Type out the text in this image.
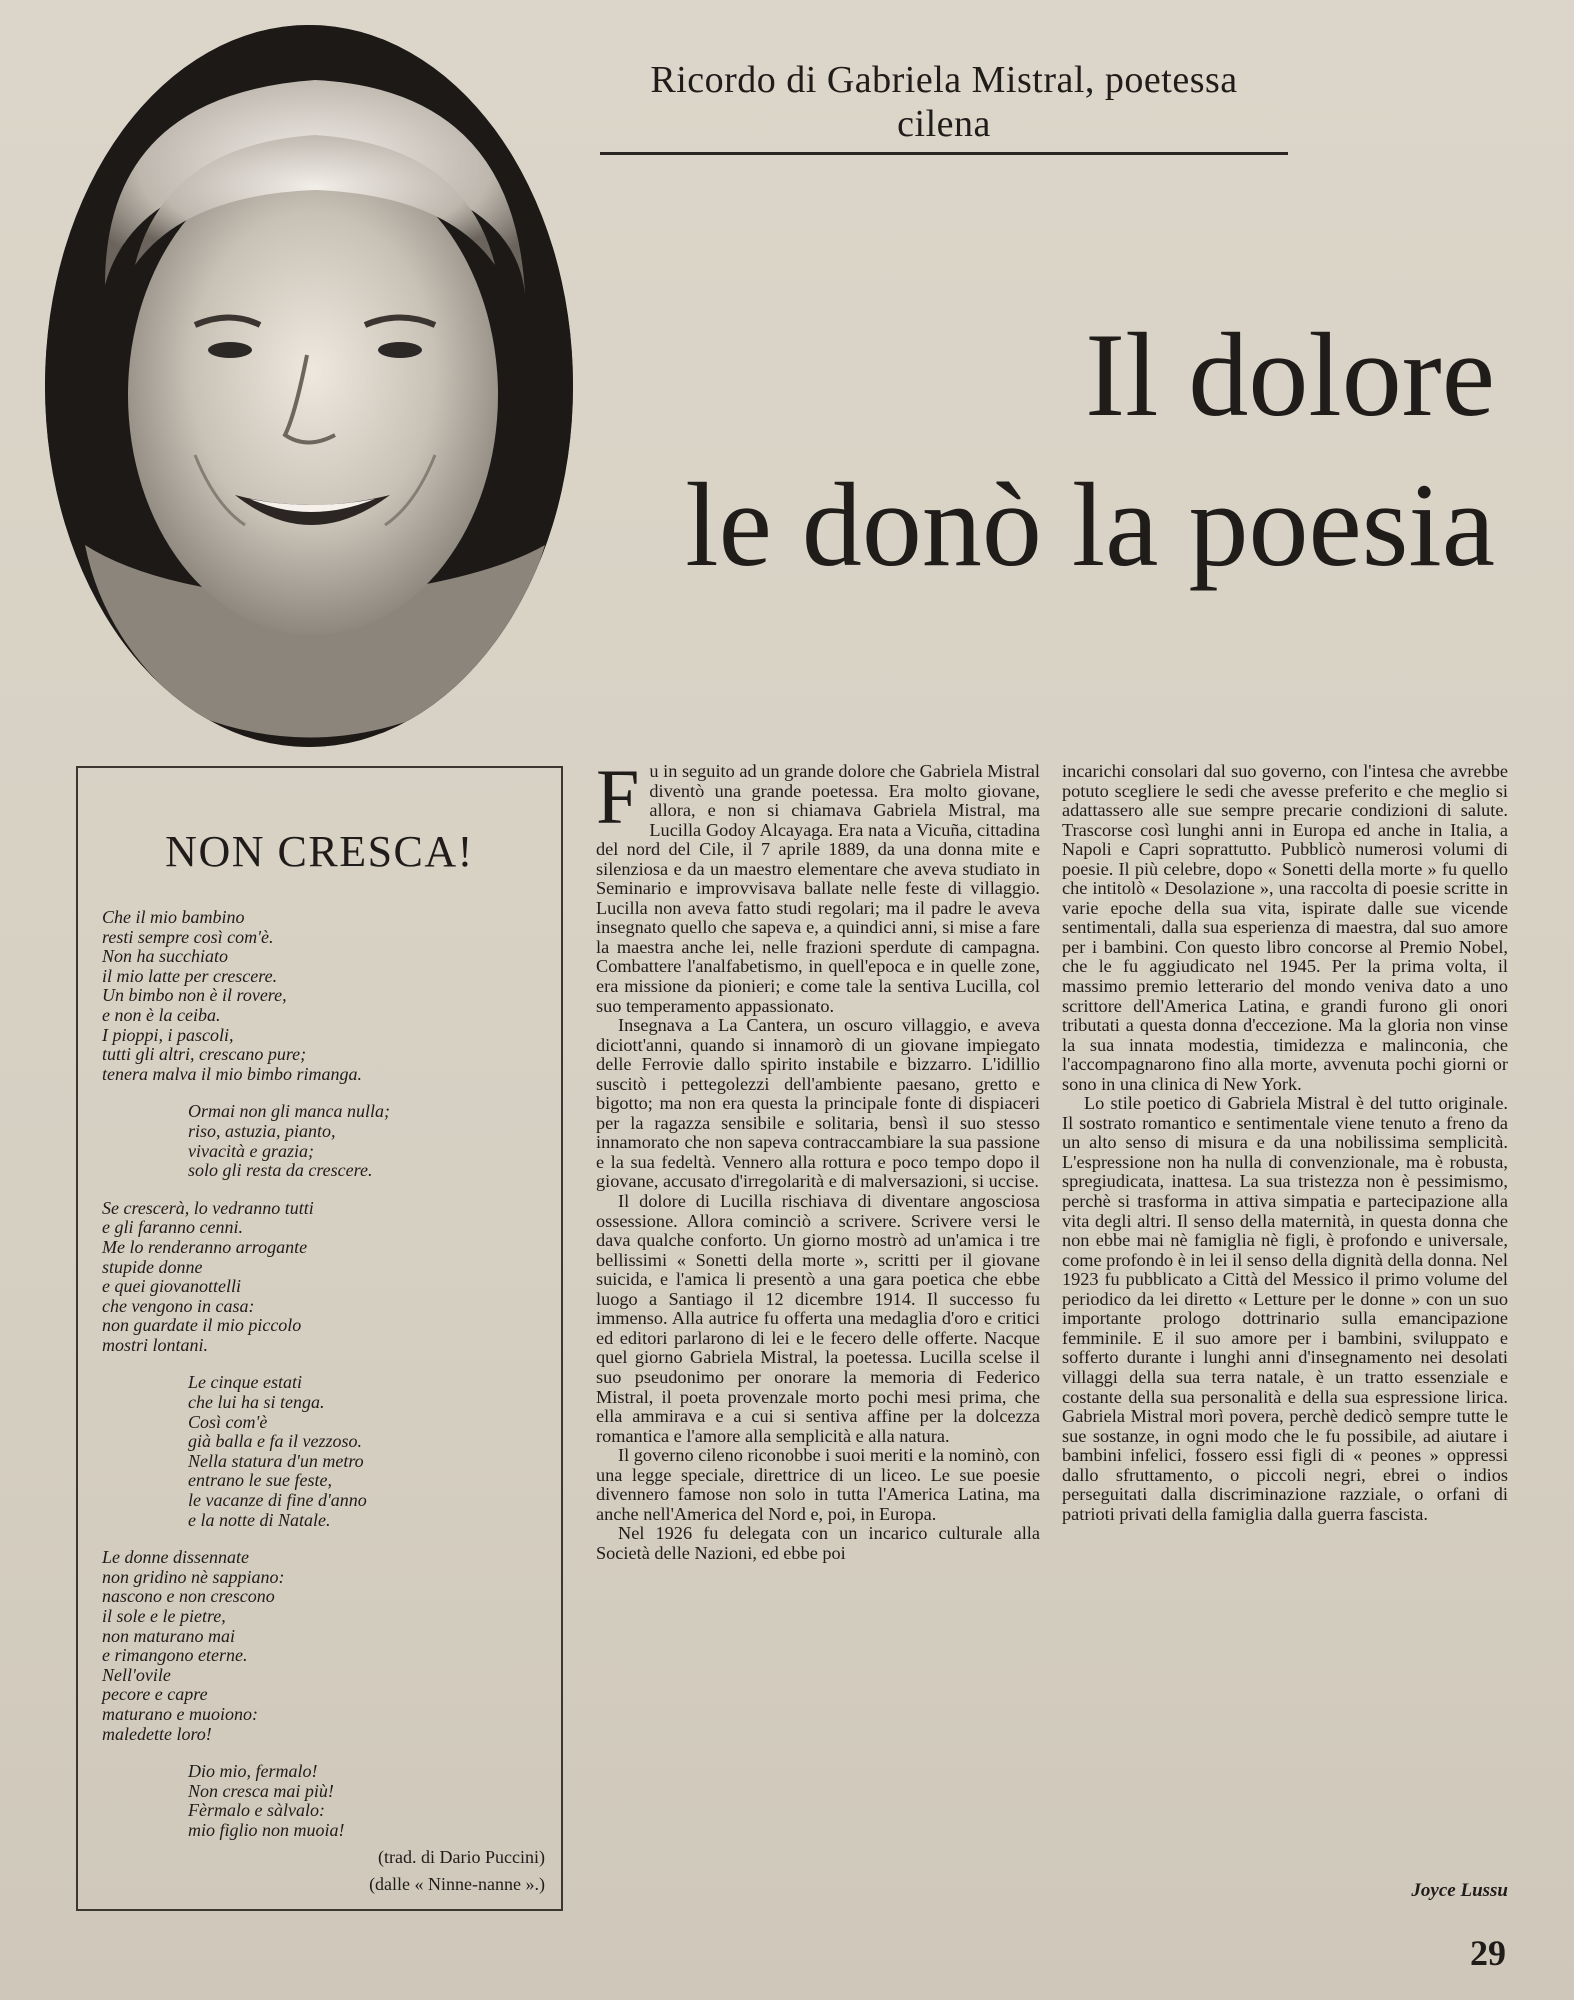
Ricordo di Gabriela Mistral, poetessa cilena
Il dolore
le donò la poesia
NON CRESCA!
Che il mio bambino
resti sempre così com'è.
Non ha succhiato
il mio latte per crescere.
Un bimbo non è il rovere,
e non è la ceiba.
I pioppi, i pascoli,
tutti gli altri, crescano pure;
tenera malva il mio bimbo rimanga.
Ormai non gli manca nulla;
riso, astuzia, pianto,
vivacità e grazia;
solo gli resta da crescere.
Se crescerà, lo vedranno tutti
e gli faranno cenni.
Me lo renderanno arrogante
stupide donne
e quei giovanottelli
che vengono in casa:
non guardate il mio piccolo
mostri lontani.
Le cinque estati
che lui ha si tenga.
Così com'è
già balla e fa il vezzoso.
Nella statura d'un metro
entrano le sue feste,
le vacanze di fine d'anno
e la notte di Natale.
Le donne dissennate
non gridino nè sappiano:
nascono e non crescono
il sole e le pietre,
non maturano mai
e rimangono eterne.
Nell'ovile
pecore e capre
maturano e muoiono:
maledette loro!
Dio mio, fermalo!
Non cresca mai più!
Fèrmalo e sàlvalo:
mio figlio non muoia!
(trad. di Dario Puccini)
(dalle « Ninne-nanne ».)

Fu in seguito ad un grande dolore che Gabriela Mistral diventò una grande poetessa. Era molto giovane, allora, e non si chiamava Gabriela Mistral, ma Lucilla Godoy Alcayaga. Era nata a Vicuña, cittadina del nord del Cile, il 7 aprile 1889, da una donna mite e silenziosa e da un maestro elementare che aveva studiato in Seminario e improvvisava ballate nelle feste di villaggio. Lucilla non aveva fatto studi regolari; ma il padre le aveva insegnato quello che sapeva e, a quindici anni, si mise a fare la maestra anche lei, nelle frazioni sperdute di campagna. Combattere l'analfabetismo, in quell'epoca e in quelle zone, era missione da pionieri; e come tale la sentiva Lucilla, col suo temperamento appassionato.

Insegnava a La Cantera, un oscuro villaggio, e aveva diciott'anni, quando si innamorò di un giovane impiegato delle Ferrovie dallo spirito instabile e bizzarro. L'idillio suscitò i pettegolezzi dell'ambiente paesano, gretto e bigotto; ma non era questa la principale fonte di dispiaceri per la ragazza sensibile e solitaria, bensì il suo stesso innamorato che non sapeva contraccambiare la sua passione e la sua fedeltà. Vennero alla rottura e poco tempo dopo il giovane, accusato d'irregolarità e di malversazioni, si uccise.

Il dolore di Lucilla rischiava di diventare angosciosa ossessione. Allora cominciò a scrivere. Scrivere versi le dava qualche conforto. Un giorno mostrò ad un'amica i tre bellissimi « Sonetti della morte », scritti per il giovane suicida, e l'amica li presentò a una gara poetica che ebbe luogo a Santiago il 12 dicembre 1914. Il successo fu immenso. Alla autrice fu offerta una medaglia d'oro e critici ed editori parlarono di lei e le fecero delle offerte. Nacque quel giorno Gabriela Mistral, la poetessa. Lucilla scelse il suo pseudonimo per onorare la memoria di Federico Mistral, il poeta provenzale morto pochi mesi prima, che ella ammirava e a cui si sentiva affine per la dolcezza romantica e l'amore alla semplicità e alla natura.

Il governo cileno riconobbe i suoi meriti e la nominò, con una legge speciale, direttrice di un liceo. Le sue poesie divennero famose non solo in tutta l'America Latina, ma anche nell'America del Nord e, poi, in Europa.

Nel 1926 fu delegata con un incarico culturale alla Società delle Nazioni, ed ebbe poi

incarichi consolari dal suo governo, con l'intesa che avrebbe potuto scegliere le sedi che avesse preferito e che meglio si adattassero alle sue sempre precarie condizioni di salute. Trascorse così lunghi anni in Europa ed anche in Italia, a Napoli e Capri soprattutto. Pubblicò numerosi volumi di poesie. Il più celebre, dopo « Sonetti della morte » fu quello che intitolò « Desolazione », una raccolta di poesie scritte in varie epoche della sua vita, ispirate dalle sue vicende sentimentali, dalla sua esperienza di maestra, dal suo amore per i bambini. Con questo libro concorse al Premio Nobel, che le fu aggiudicato nel 1945. Per la prima volta, il massimo premio letterario del mondo veniva dato a uno scrittore dell'America Latina, e grandi furono gli onori tributati a questa donna d'eccezione. Ma la gloria non vinse la sua innata modestia, timidezza e malinconia, che l'accompagnarono fino alla morte, avvenuta pochi giorni or sono in una clinica di New York.

Lo stile poetico di Gabriela Mistral è del tutto originale. Il sostrato romantico e sentimentale viene tenuto a freno da un alto senso di misura e da una nobilissima semplicità. L'espressione non ha nulla di convenzionale, ma è robusta, spregiudicata, inattesa. La sua tristezza non è pessimismo, perchè si trasforma in attiva simpatia e partecipazione alla vita degli altri. Il senso della maternità, in questa donna che non ebbe mai nè famiglia nè figli, è profondo e universale, come profondo è in lei il senso della dignità della donna. Nel 1923 fu pubblicato a Città del Messico il primo volume del periodico da lei diretto « Letture per le donne » con un suo importante prologo dottrinario sulla emancipazione femminile. E il suo amore per i bambini, sviluppato e sofferto durante i lunghi anni d'insegnamento nei desolati villaggi della sua terra natale, è un tratto essenziale e costante della sua personalità e della sua espressione lirica. Gabriela Mistral morì povera, perchè dedicò sempre tutte le sue sostanze, in ogni modo che le fu possibile, ad aiutare i bambini infelici, fossero essi figli di « peones » oppressi dallo sfruttamento, o piccoli negri, ebrei o indios perseguitati dalla discriminazione razziale, o orfani di patrioti privati della famiglia dalla guerra fascista.

Joyce Lussu
29
